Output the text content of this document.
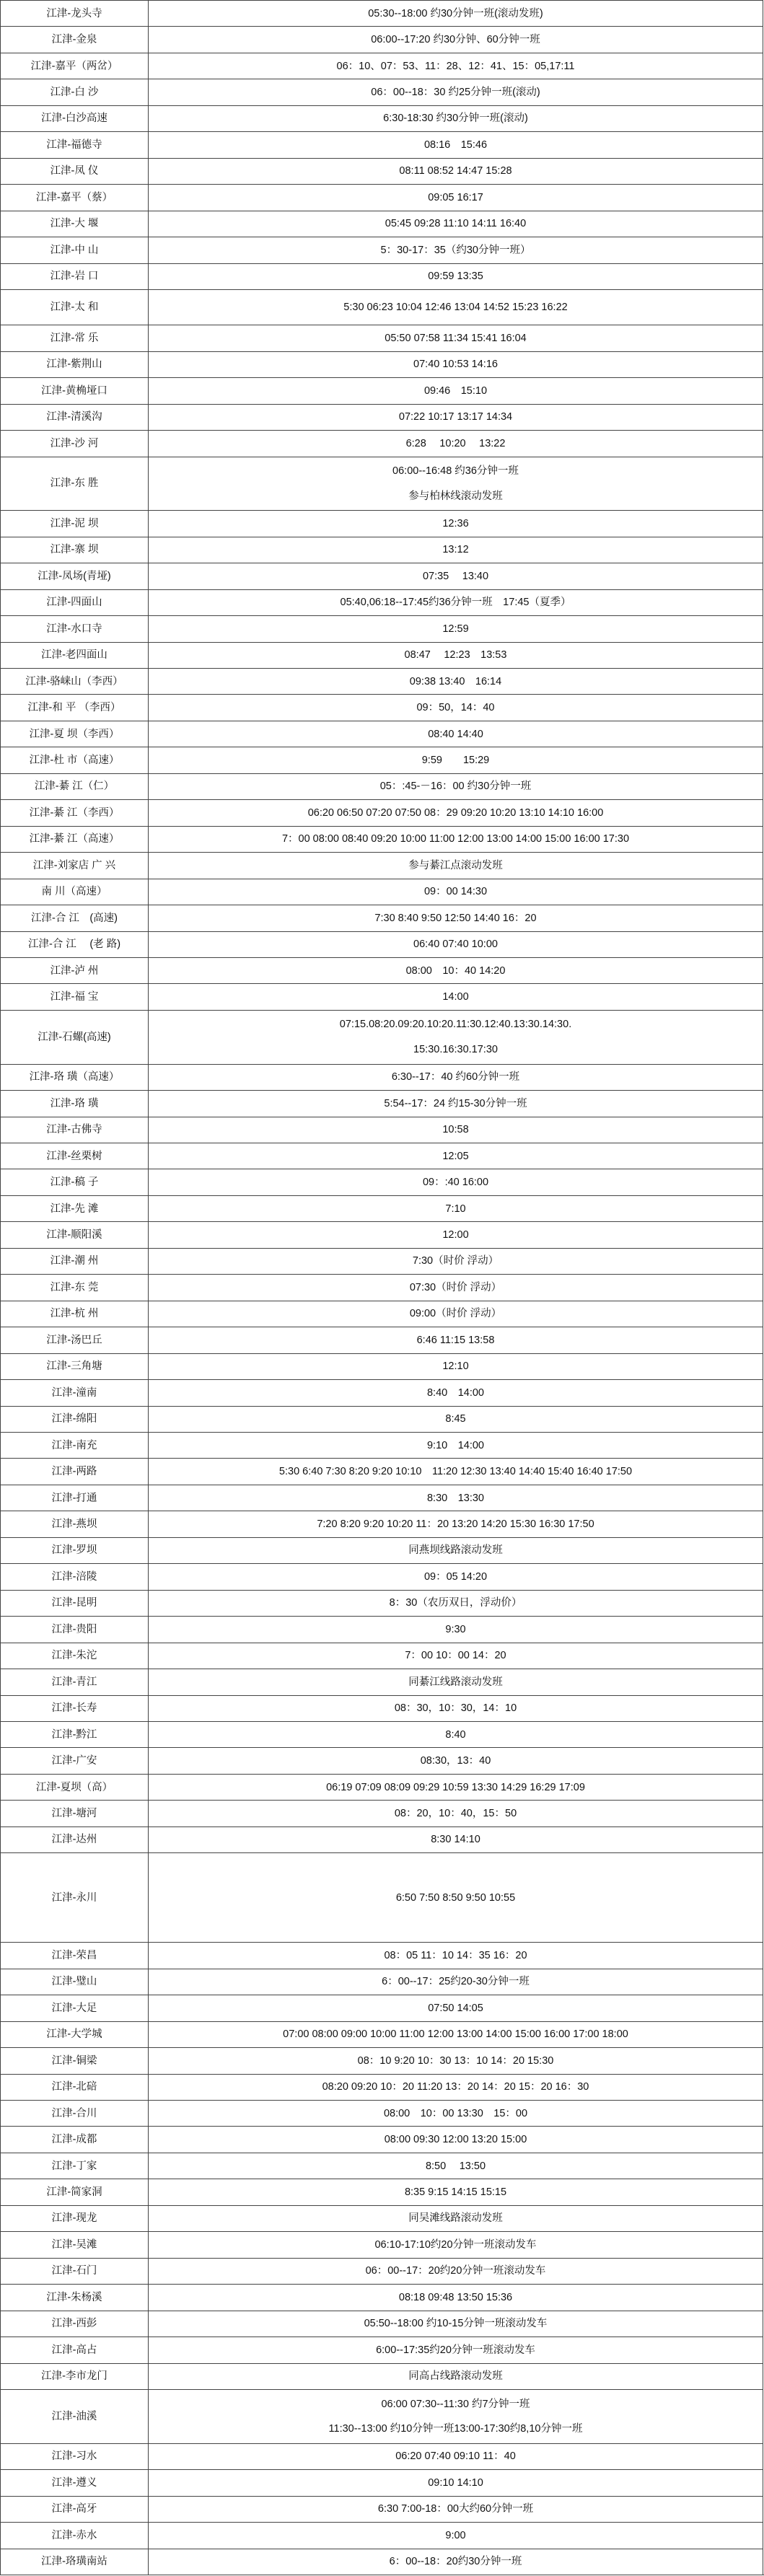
江津-龙头寺	05:30--18:00 约30分钟一班(滚动发班)
江津-金泉	06:00--17:20 约30分钟、60分钟一班
江津-嘉平（两岔）	06：10、07：53、11：28、12：41、15：05,17:11
江津-白 沙	06：00--18：30 约25分钟一班(滚动)
江津-白沙高速	6:30-18:30 约30分钟一班(滚动)
江津-福德寺	08:16　15:46
江津-凤 仪	08:11 08:52 14:47 15:28
江津-嘉平（蔡）	09:05 16:17
江津-大 堰	05:45 09:28 11:10 14:11 16:40
江津-中 山	5：30-17：35（约30分钟一班）
江津-岩 口	09:59 13:35
江津-太 和	5:30 06:23 10:04 12:46 13:04 14:52 15:23 16:22
江津-常 乐	05:50 07:58 11:34 15:41 16:04
江津-紫荆山	07:40 10:53 14:16
江津-黄桷垭口	09:46　15:10
江津-清溪沟	07:22 10:17 13:17 14:34
江津-沙 河	6:28　 10:20　 13:22
江津-东 胜
06:00--16:48 约36分钟一班
参与柏林线滚动发班
江津-泥 坝	12:36
江津-寨 坝	13:12
江津-凤场(青垭)	07:35　 13:40
江津-四面山	05:40,06:18--17:45约36分钟一班　17:45（夏季）
江津-水口寺	12:59
江津-老四面山	08:47　 12:23　13:53
江津-骆崃山（李西）	09:38 13:40　16:14
江津-和 平 （李西）	09：50，14：40
江津-夏 坝（李西）	08:40 14:40
江津-杜 市（高速）	9:59　　15:29
江津-綦 江（仁）	05：:45-－16：00 约30分钟一班
江津-綦 江（李西）	06:20 06:50 07:20 07:50 08：29 09:20 10:20 13:10 14:10 16:00
江津-綦 江（高速）	7：00 08:00 08:40 09:20 10:00 11:00 12:00 13:00 14:00 15:00 16:00 17:30
江津-刘家店 广 兴	参与綦江点滚动发班
南 川（高速）	09：00 14:30
江津-合 江　(高速)	7:30 8:40 9:50 12:50 14:40 16：20
江津-合 江　 (老 路)	06:40 07:40 10:00
江津-泸 州	08:00　10：40 14:20
江津-福 宝	14:00
江津-石螺(高速)
07:15.08:20.09:20.10:20.11:30.12:40.13:30.14:30.
15:30.16:30.17:30
江津-珞 璜（高速）	6:30--17：40 约60分钟一班
江津-珞 璜	5:54--17：24 约15-30分钟一班
江津-古佛寺	10:58
江津-丝栗树	12:05
江津-稿 子	09：:40 16:00
江津-先 滩	7:10
江津-顺阳溪	12:00
江津-潮 州	7:30（时价 浮动）
江津-东 莞	07:30（时价 浮动）
江津-杭 州	09:00（时价 浮动）
江津-汤巴丘	6:46 11:15 13:58
江津-三角塘	12:10
江津-潼南	8:40　14:00
江津-绵阳	8:45
江津-南充	9:10　14:00
江津-两路	5:30 6:40 7:30 8:20 9:20 10:10　11:20 12:30 13:40 14:40 15:40 16:40 17:50
江津-打通	8:30　13:30
江津-燕坝	7:20 8:20 9:20 10:20 11：20 13:20 14:20 15:30 16:30 17:50
江津-罗坝	同燕坝线路滚动发班
江津-涪陵	09：05 14:20
江津-昆明	8：30（农历双日，浮动价）
江津-贵阳	9:30
江津-朱沱	7：00 10：00 14：20
江津-青江	同綦江线路滚动发班
江津-长寿	08：30，10：30，14：10
江津-黔江	8:40
江津-广安	08:30，13：40
江津-夏坝（高）	06:19 07:09 08:09 09:29 10:59 13:30 14:29 16:29 17:09
江津-塘河	08：20，10：40，15：50
江津-达州	8:30 14:10
江津-永川	6:50 7:50 8:50 9:50 10:55
江津-荣昌	08：05 11：10 14：35 16：20
江津-璧山	6：00--17：25约20-30分钟一班
江津-大足	07:50 14:05
江津-大学城	07:00 08:00 09:00 10:00 11:00 12:00 13:00 14:00 15:00 16:00 17:00 18:00
江津-铜梁	08：10 9:20 10：30 13：10 14：20 15:30
江津-北碚	08:20 09:20 10：20 11:20 13：20 14：20 15：20 16：30
江津-合川	08:00　10：00 13:30　15：00
江津-成都	08:00 09:30 12:00 13:20 15:00
江津-丁家	8:50　 13:50
江津-简家洞	8:35 9:15 14:15 15:15
江津-现龙	同吴滩线路滚动发班
江津-吴滩	06:10-17:10约20分钟一班滚动发车
江津-石门	06：00--17：20约20分钟一班滚动发车
江津-朱杨溪	08:18 09:48 13:50 15:36
江津-西彭	05:50--18:00 约10-15分钟一班滚动发车
江津-高占	6:00--17:35约20分钟一班滚动发车
江津-李市龙门	同高占线路滚动发班
江津-油溪
06:00 07:30--11:30 约7分钟一班
11:30--13:00 约10分钟一班13:00-17:30约8,10分钟一班
江津-习水	06:20 07:40 09:10 11：40
江津-遵义	09:10 14:10
江津-高牙	6:30 7:00-18：00大约60分钟一班
江津-赤水	9:00
江津-珞璜南站	6：00--18：20约30分钟一班
